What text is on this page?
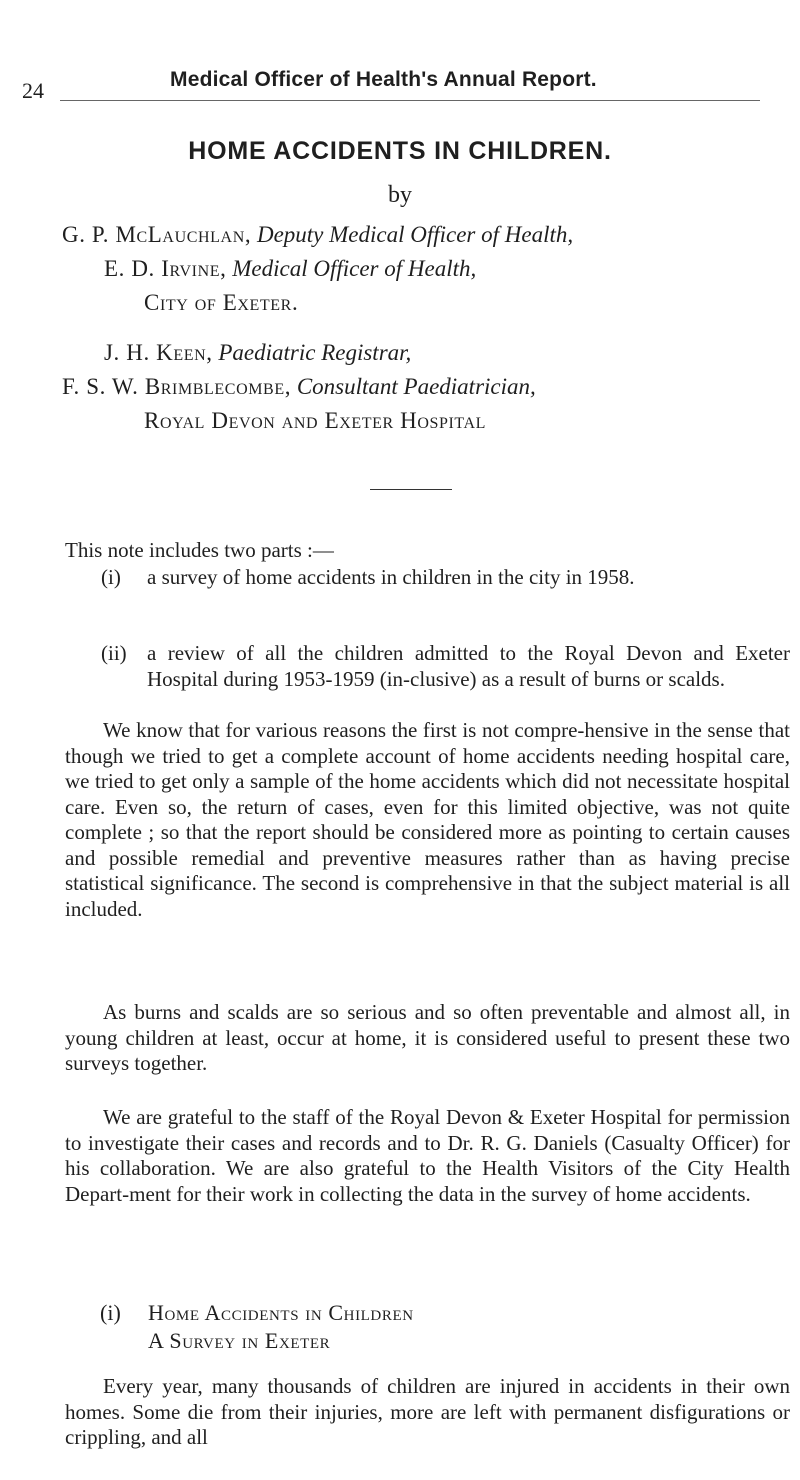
24	Medical Officer of Health's Annual Report.
HOME ACCIDENTS IN CHILDREN.
by
G. P. McLauchlan, Deputy Medical Officer of Health,
E. D. Irvine, Medical Officer of Health,
City of Exeter.
J. H. Keen, Paediatric Registrar,
F. S. W. Brimblecombe, Consultant Paediatrician,
Royal Devon and Exeter Hospital

This note includes two parts :—

(i) a survey of home accidents in children in the city in 1958.
(ii) a review of all the children admitted to the Royal Devon and Exeter Hospital during 1953-1959 (in-clusive) as a result of burns or scalds.

We know that for various reasons the first is not compre-hensive in the sense that though we tried to get a complete account of home accidents needing hospital care, we tried to get only a sample of the home accidents which did not necessitate hospital care. Even so, the return of cases, even for this limited objective, was not quite complete ; so that the report should be considered more as pointing to certain causes and possible remedial and preventive measures rather than as having precise statistical significance. The second is comprehensive in that the subject material is all included.

As burns and scalds are so serious and so often preventable and almost all, in young children at least, occur at home, it is considered useful to present these two surveys together.

We are grateful to the staff of the Royal Devon & Exeter Hospital for permission to investigate their cases and records and to Dr. R. G. Daniels (Casualty Officer) for his collaboration. We are also grateful to the Health Visitors of the City Health Depart-ment for their work in collecting the data in the survey of home accidents.

(i) Home Accidents in Children
A Survey in Exeter

Every year, many thousands of children are injured in accidents in their own homes. Some die from their injuries, more are left with permanent disfigurations or crippling, and all
